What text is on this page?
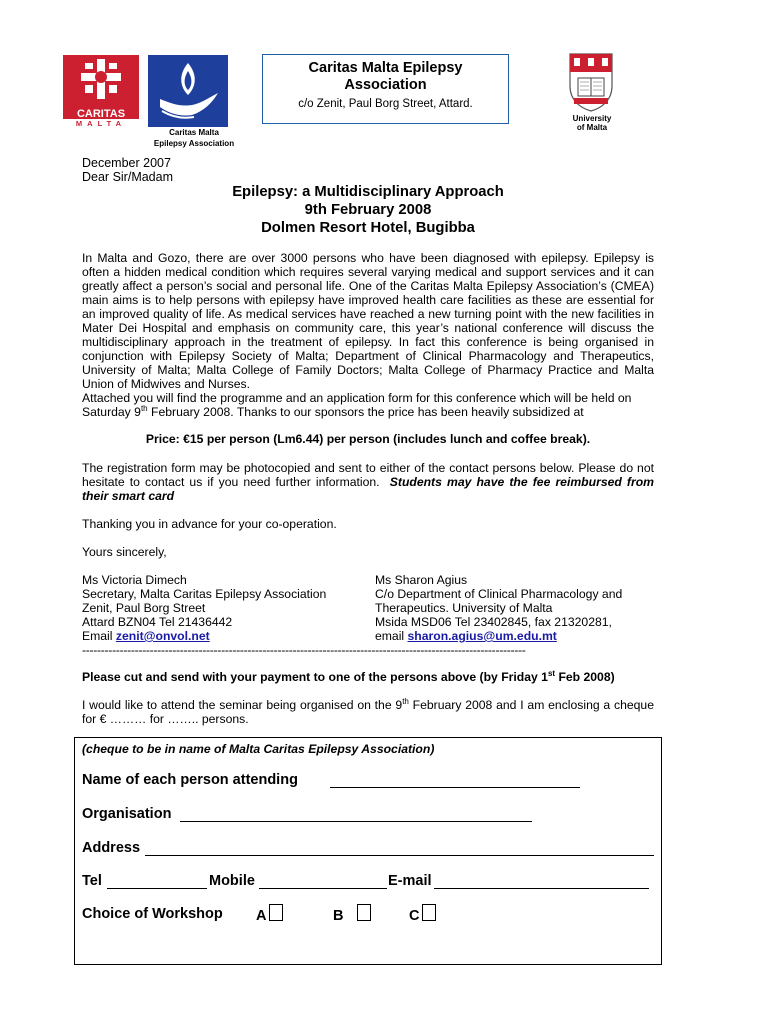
CARITAS
MALTA
Caritas Malta
Epilepsy Association
Caritas Malta Epilepsy
Association
c/o Zenit, Paul Borg Street, Attard.
University
of Malta
December 2007
Dear Sir/Madam
Epilepsy: a Multidisciplinary Approach
9th February 2008
Dolmen Resort Hotel, Bugibba
In Malta and Gozo, there are over 3000 persons who have been diagnosed with epilepsy. Epilepsy is often a hidden medical condition which requires several varying medical and support services and it can greatly affect a person’s social and personal life. One of the Caritas Malta Epilepsy Association’s (CMEA) main aims is to help persons with epilepsy have improved health care facilities as these are essential for an improved quality of life. As medical services have reached a new turning point with the new facilities in Mater Dei Hospital and emphasis on community care, this year’s national conference will discuss the multidisciplinary approach in the treatment of epilepsy. In fact this conference is being organised in conjunction with Epilepsy Society of Malta; Department of Clinical Pharmacology and Therapeutics, University of Malta; Malta College of Family Doctors; Malta College of Pharmacy Practice and Malta Union of Midwives and Nurses.
Attached you will find the programme and an application form for this conference which will be held on Saturday 9th February 2008. Thanks to our sponsors the price has been heavily subsidized at
Price: €15 per person (Lm6.44) per person (includes lunch and coffee break).
The registration form may be photocopied and sent to either of the contact persons below. Please do not hesitate to contact us if you need further information. Students may have the fee reimbursed from their smart card
Thanking you in advance for your co-operation.
Yours sincerely,
Ms Victoria Dimech
Secretary, Malta Caritas Epilepsy Association
Zenit, Paul Borg Street
Attard BZN04 Tel 21436442
Email zenit@onvol.net
Ms Sharon Agius
C/o Department of Clinical Pharmacology and
Therapeutics. University of Malta
Msida MSD06 Tel 23402845, fax 21320281,
email sharon.agius@um.edu.mt
----------------------------------------------------------------------------------------------------------------------
Please cut and send with your payment to one of the persons above (by Friday 1st Feb 2008)
I would like to attend the seminar being organised on the 9th February 2008 and I am enclosing a cheque for € ……… for …….. persons.
(cheque to be in name of Malta Caritas Epilepsy Association)
Name of each person attending
Organisation
Address
Tel	Mobile	E-mail
Choice of Workshop A	B	C
